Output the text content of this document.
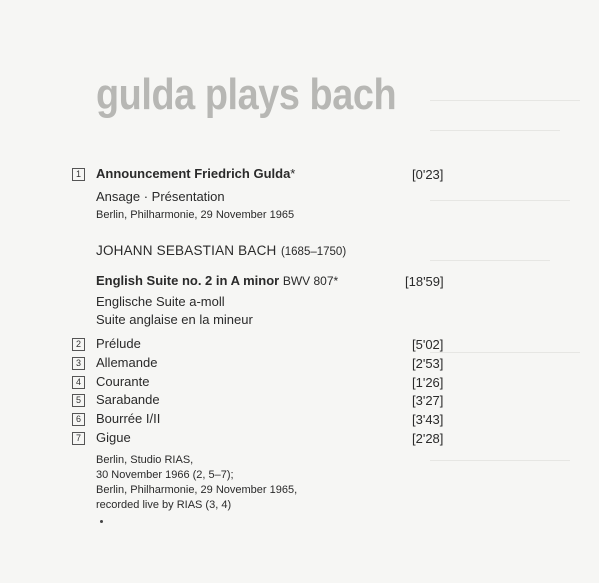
gulda plays bach
1	Announcement Friedrich Gulda*	[0'23]
Ansage · Présentation
Berlin, Philharmonie, 29 November 1965
JOHANN SEBASTIAN BACH (1685–1750)
English Suite no. 2 in A minor BWV 807*	[18'59]
Englische Suite a-moll
Suite anglaise en la mineur
2	Prélude	[5'02]
3	Allemande	[2'53]
4	Courante	[1'26]
5	Sarabande	[3'27]
6	Bourrée I/II	[3'43]
7	Gigue	[2'28]
Berlin, Studio RIAS,
30 November 1966 (2, 5–7);
Berlin, Philharmonie, 29 November 1965,
recorded live by RIAS (3, 4)
